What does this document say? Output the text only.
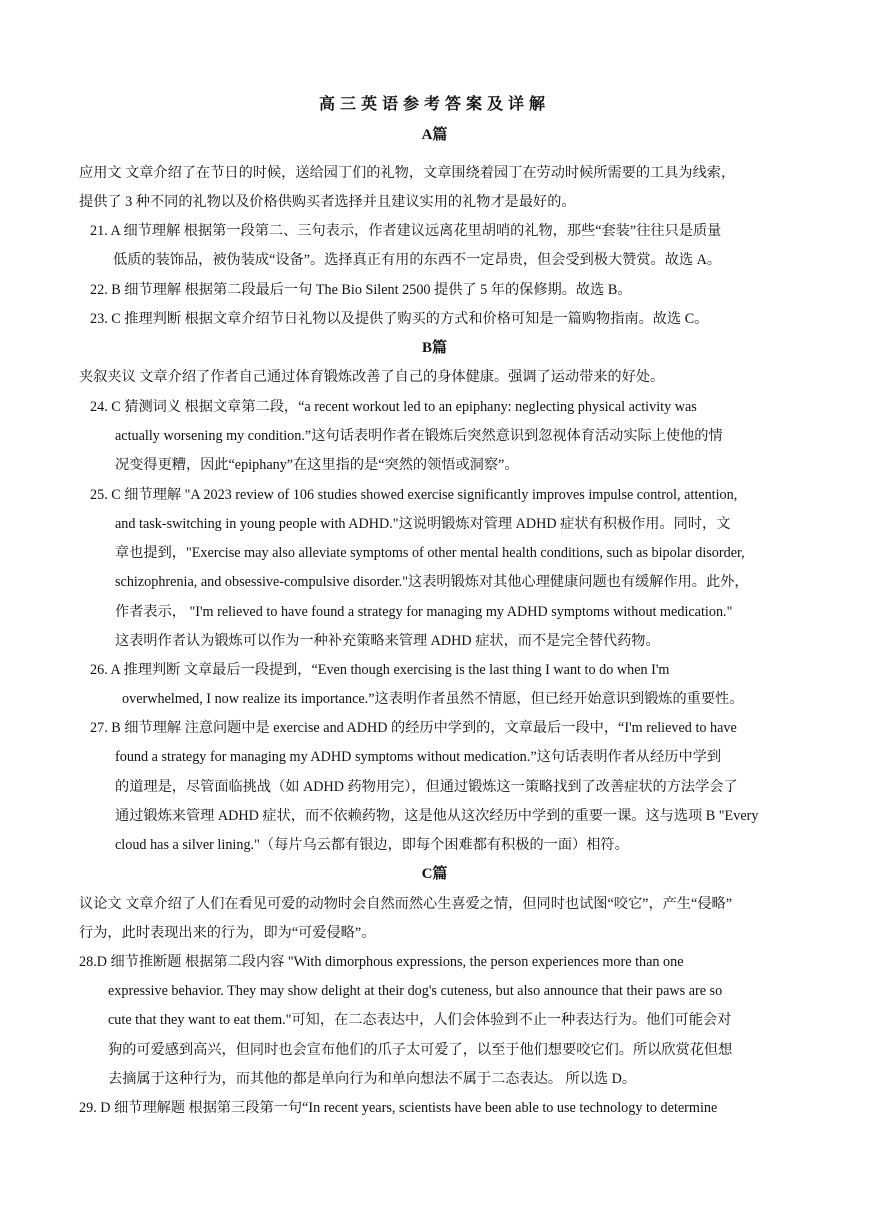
高三英语参考答案及详解
A篇
应用文 文章介绍了在节日的时候，送给园丁们的礼物，文章围绕着园丁在劳动时候所需要的工具为线索，
提供了 3 种不同的礼物以及价格供购买者选择并且建议实用的礼物才是最好的。
21. A 细节理解 根据第一段第二、三句表示，作者建议远离花里胡哨的礼物，那些“套装”往往只是质量
低质的装饰品，被伪装成“设备”。选择真正有用的东西不一定昂贵，但会受到极大赞赏。故选 A。
22. B 细节理解 根据第二段最后一句 The Bio Silent 2500 提供了 5 年的保修期。故选 B。
23. C 推理判断 根据文章介绍节日礼物以及提供了购买的方式和价格可知是一篇购物指南。故选 C。
B篇
夹叙夹议 文章介绍了作者自己通过体育锻炼改善了自己的身体健康。强调了运动带来的好处。
24. C 猜测词义 根据文章第二段，“a recent workout led to an epiphany: neglecting physical activity was
actually worsening my condition.”这句话表明作者在锻炼后突然意识到忽视体育活动实际上使他的情
况变得更糟，因此“epiphany”在这里指的是“突然的领悟或洞察”。
25. C 细节理解 "A 2023 review of 106 studies showed exercise significantly improves impulse control, attention,
and task-switching in young people with ADHD."这说明锻炼对管理 ADHD 症状有积极作用。同时，文
章也提到，"Exercise may also alleviate symptoms of other mental health conditions, such as bipolar disorder,
schizophrenia, and obsessive-compulsive disorder."这表明锻炼对其他心理健康问题也有缓解作用。此外，
作者表示， "I'm relieved to have found a strategy for managing my ADHD symptoms without medication."
这表明作者认为锻炼可以作为一种补充策略来管理 ADHD 症状，而不是完全替代药物。
26. A 推理判断 文章最后一段提到，“Even though exercising is the last thing I want to do when I'm
overwhelmed, I now realize its importance.”这表明作者虽然不情愿，但已经开始意识到锻炼的重要性。
27. B 细节理解 注意问题中是 exercise and ADHD 的经历中学到的，文章最后一段中，“I'm relieved to have
found a strategy for managing my ADHD symptoms without medication.”这句话表明作者从经历中学到
的道理是，尽管面临挑战（如 ADHD 药物用完），但通过锻炼这一策略找到了改善症状的方法学会了
通过锻炼来管理 ADHD 症状，而不依赖药物，这是他从这次经历中学到的重要一课。这与选项 B "Every
cloud has a silver lining."（每片乌云都有银边，即每个困难都有积极的一面）相符。
C篇
议论文 文章介绍了人们在看见可爱的动物时会自然而然心生喜爱之情，但同时也试图“咬它”，产生“侵略”
行为，此时表现出来的行为，即为“可爱侵略”。
28.D 细节推断题 根据第二段内容 "With dimorphous expressions, the person experiences more than one
expressive behavior. They may show delight at their dog's cuteness, but also announce that their paws are so
cute that they want to eat them."可知，在二态表达中，人们会体验到不止一种表达行为。他们可能会对
狗的可爱感到高兴，但同时也会宣布他们的爪子太可爱了，以至于他们想要咬它们。所以欣赏花但想
去摘属于这种行为，而其他的都是单向行为和单向想法不属于二态表达。 所以选 D。
29. D 细节理解题 根据第三段第一句“In recent years, scientists have been able to use technology to determine
